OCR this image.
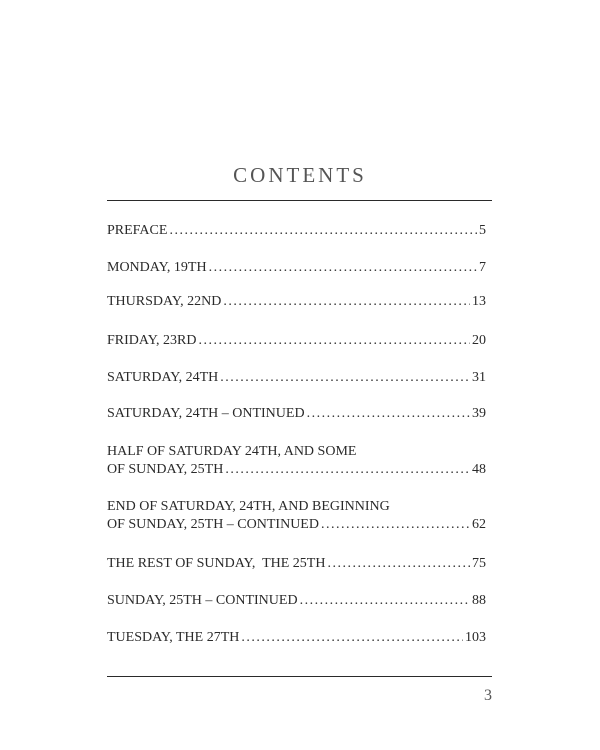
CONTENTS
PREFACE .....	5
MONDAY, 19TH .....	7
THURSDAY, 22ND .....	13
FRIDAY, 23RD .....	20
SATURDAY, 24TH .....	31
SATURDAY, 24TH – ONTINUED .....	39
HALF OF SATURDAY 24TH, AND SOME
OF SUNDAY, 25TH .....	48
END OF SATURDAY, 24TH, AND BEGINNING
OF SUNDAY, 25TH – CONTINUED .....	62
THE REST OF SUNDAY,  THE 25TH .....	75
SUNDAY, 25TH – CONTINUED .....	88
TUESDAY, THE 27TH .....	103
3
